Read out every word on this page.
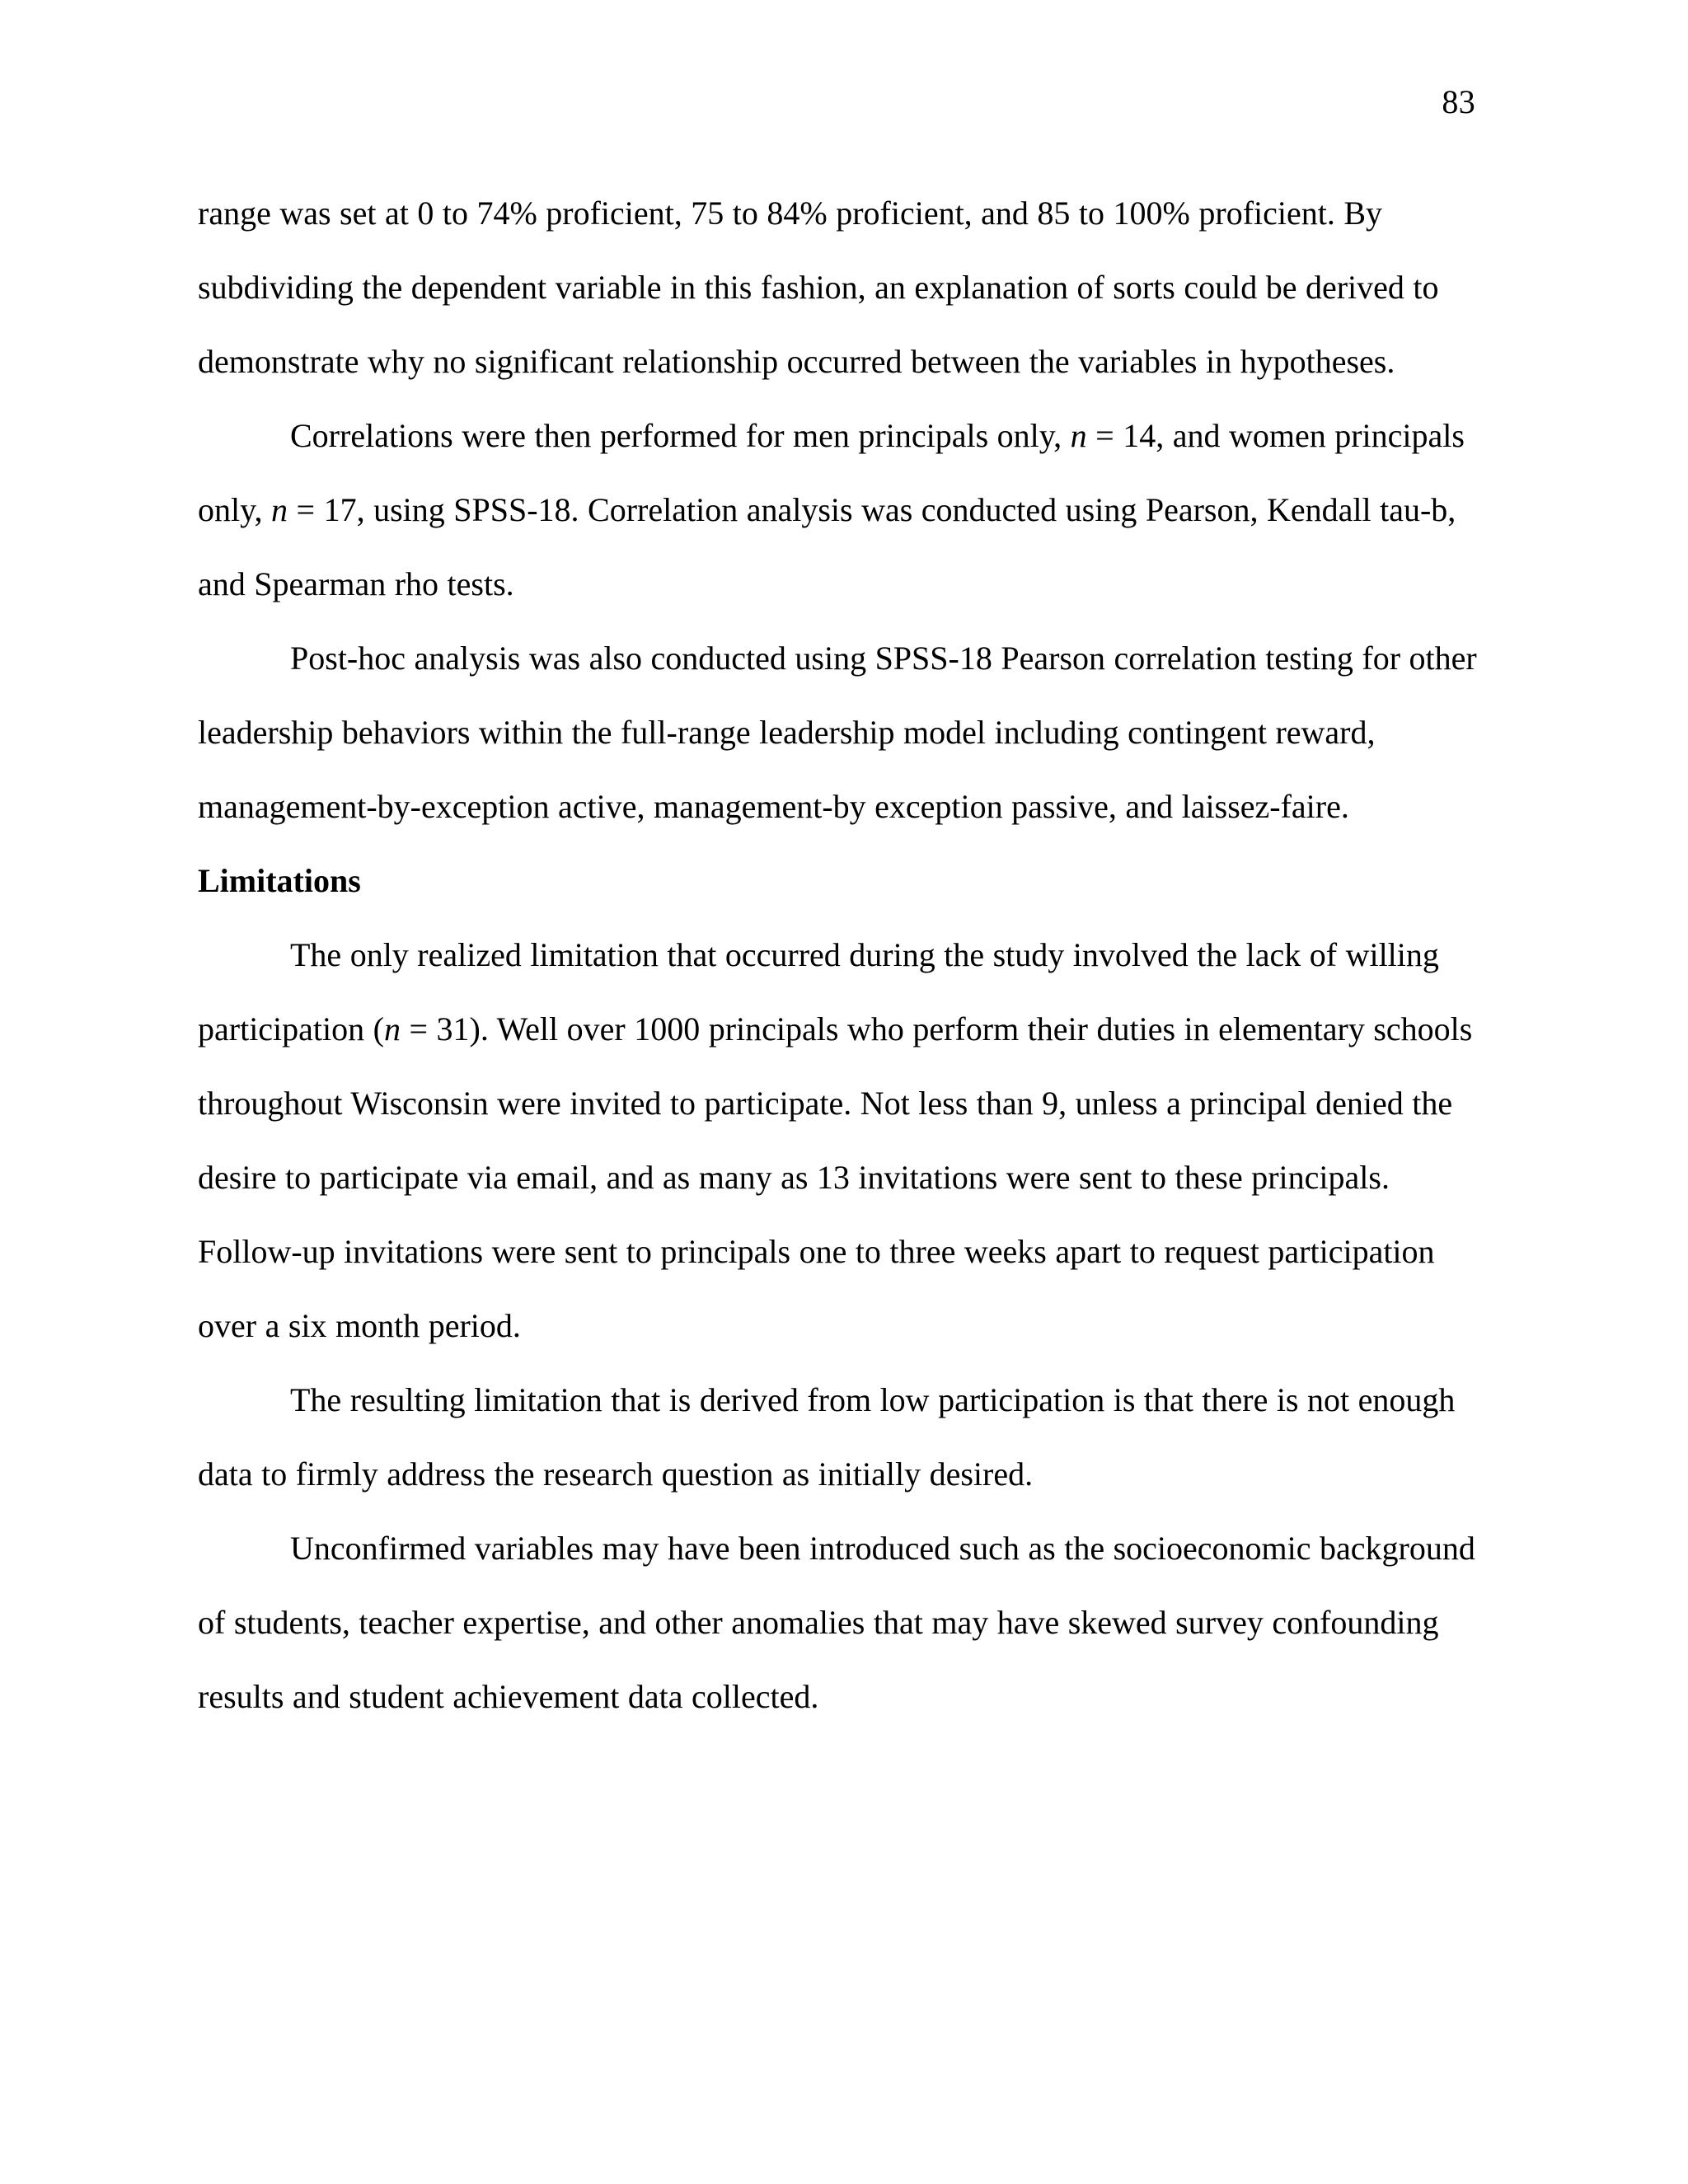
83

range was set at 0 to 74% proficient, 75 to 84% proficient, and 85 to 100% proficient. By subdividing the dependent variable in this fashion, an explanation of sorts could be derived to demonstrate why no significant relationship occurred between the variables in hypotheses.

Correlations were then performed for men principals only, n = 14, and women principals only, n = 17, using SPSS-18. Correlation analysis was conducted using Pearson, Kendall tau-b, and Spearman rho tests.

Post-hoc analysis was also conducted using SPSS-18 Pearson correlation testing for other leadership behaviors within the full-range leadership model including contingent reward, management-by-exception active, management-by exception passive, and laissez-faire.

Limitations

The only realized limitation that occurred during the study involved the lack of willing participation (n = 31). Well over 1000 principals who perform their duties in elementary schools throughout Wisconsin were invited to participate. Not less than 9, unless a principal denied the desire to participate via email, and as many as 13 invitations were sent to these principals. Follow-up invitations were sent to principals one to three weeks apart to request participation over a six month period.

The resulting limitation that is derived from low participation is that there is not enough data to firmly address the research question as initially desired.

Unconfirmed variables may have been introduced such as the socioeconomic background of students, teacher expertise, and other anomalies that may have skewed survey confounding results and student achievement data collected.
